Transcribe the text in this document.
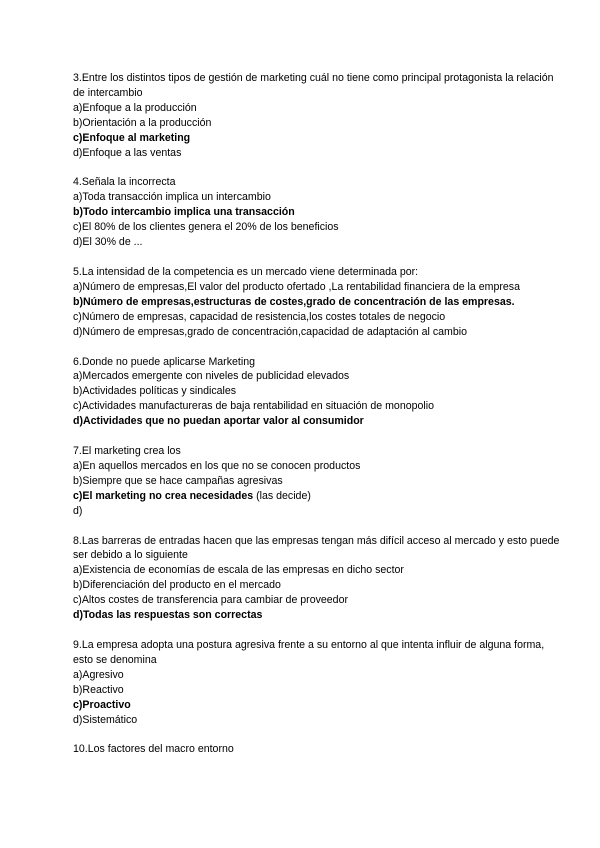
3.Entre los distintos tipos de gestión de marketing cuál no tiene como principal protagonista la relación de intercambio
a)Enfoque a la producción
b)Orientación a la producción
c)Enfoque al marketing
d)Enfoque a las ventas
4.Señala la incorrecta
a)Toda transacción implica un intercambio
b)Todo intercambio implica una transacción
c)El 80% de los clientes genera el 20% de los beneficios
d)El 30% de ...
5.La intensidad de la competencia es un mercado viene determinada por:
a)Número de empresas,El valor del producto ofertado ,La rentabilidad financiera de la empresa
b)Número de empresas,estructuras de costes,grado de concentración de las empresas.
c)Número de empresas, capacidad de resistencia,los costes totales de negocio
d)Número de empresas,grado de concentración,capacidad de adaptación al cambio
6.Donde no puede aplicarse Marketing
a)Mercados emergente con niveles de publicidad elevados
b)Actividades políticas y sindicales
c)Actividades manufactureras de baja rentabilidad en situación de monopolio
d)Actividades que no puedan aportar valor al consumidor
7.El marketing crea los
a)En aquellos mercados en los que no se conocen productos
b)Siempre que se hace campañas agresivas
c)El marketing no crea necesidades (las decide)
d)
8.Las barreras de entradas hacen que las empresas tengan más difícil acceso al mercado y esto puede ser debido a lo siguiente
a)Existencia de economías de escala de las empresas en dicho sector
b)Diferenciación del producto en el mercado
c)Altos costes de transferencia para cambiar de proveedor
d)Todas las respuestas son correctas
9.La empresa adopta una postura agresiva frente a su entorno al que intenta influir de alguna forma, esto se denomina
a)Agresivo
b)Reactivo
c)Proactivo
d)Sistemático
10.Los factores del macro entorno
